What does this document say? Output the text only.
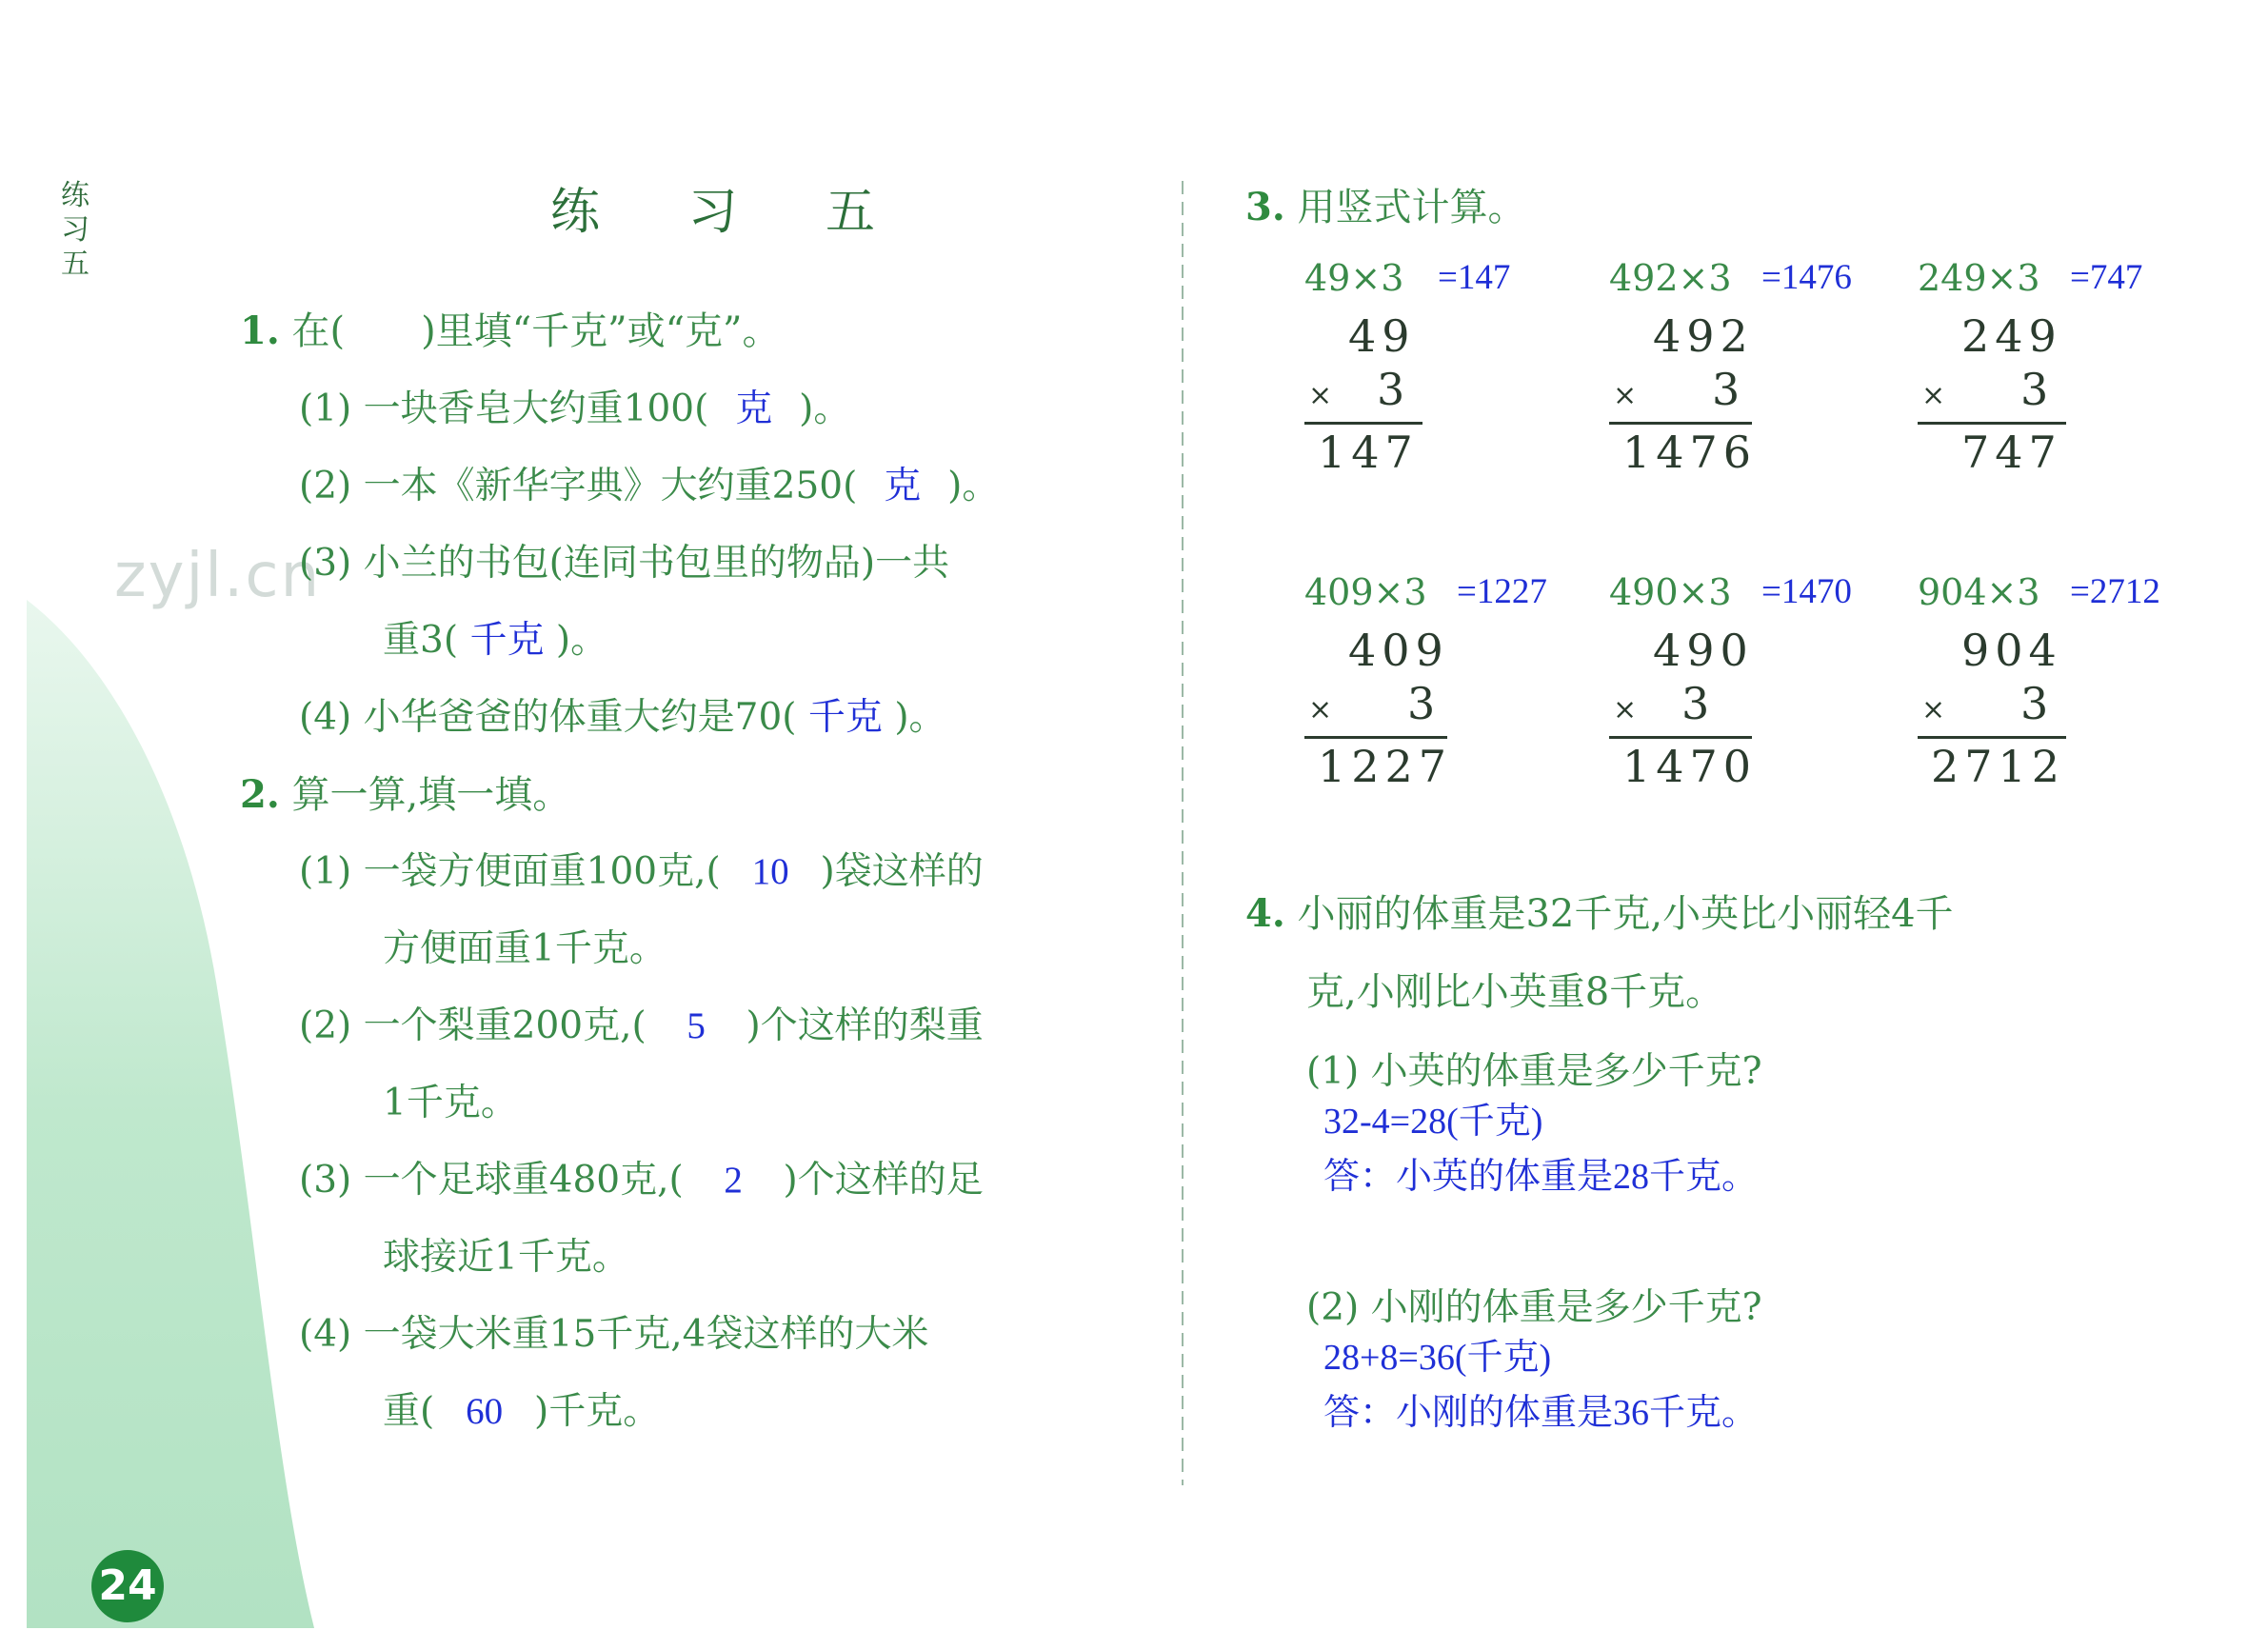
练习五
练 习 五
zyjl.cn
1. 在(　　)里填“千克”或“克”。
(1) 一块香皂大约重100( 克 )。
(2) 一本《新华字典》大约重250( 克 )。
(3) 小兰的书包(连同书包里的物品)一共
重3( 千克 )。
(4) 小华爸爸的体重大约是70( 千克 )。
2. 算一算,填一填。
(1) 一袋方便面重100克,( 10 )袋这样的
方便面重1千克。
(2) 一个梨重200克,( 5 )个这样的梨重
1千克。
(3) 一个足球重480克,( 2 )个这样的足
球接近1千克。
(4) 一袋大米重15千克,4袋这样的大米
重( 60 )千克。
3. 用竖式计算。
49×3 =147
49
× 3
147
492×3 =1476
492
× 3
1476
249×3 =747
249
× 3
747
409×3 =1227
409
× 3
1227
490×3 =1470
490
× 3
1470
904×3 =2712
904
× 3
2712
4. 小丽的体重是32千克,小英比小丽轻4千
克,小刚比小英重8千克。
(1) 小英的体重是多少千克?
32-4=28(千克)
答：小英的体重是28千克。
(2) 小刚的体重是多少千克?
28+8=36(千克)
答：小刚的体重是36千克。
24
